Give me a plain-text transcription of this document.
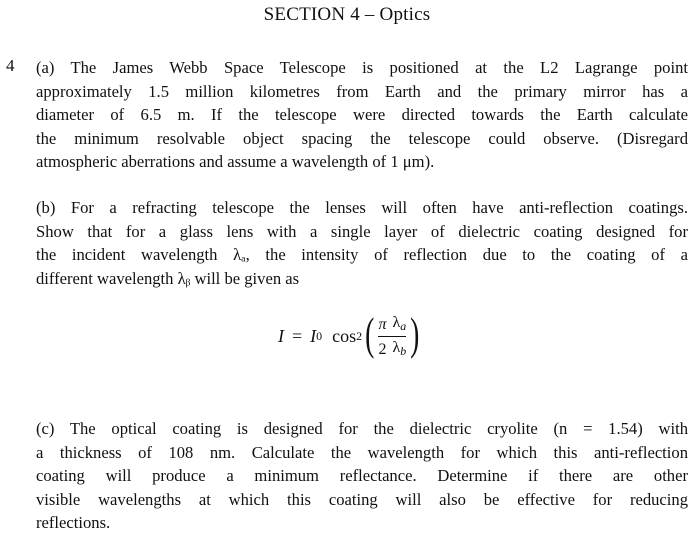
SECTION 4 – Optics
4 (a) The James Webb Space Telescope is positioned at the L2 Lagrange point
approximately 1.5 million kilometres from Earth and the primary mirror has a
diameter of 6.5 m. If the telescope were directed towards the Earth calculate
the minimum resolvable object spacing the telescope could observe. (Disregard
atmospheric aberrations and assume a wavelength of 1 μm).
(b) For a refracting telescope the lenses will often have anti-reflection coatings.
Show that for a glass lens with a single layer of dielectric coating designed for
the incident wavelength λₐ, the intensity of reflection due to the coating of a
different wavelength λᵦ will be given as
I = I 0 cos 2 ( $\frac{\pi \lambda_a}{2 \lambda_b}$ )
(c) The optical coating is designed for the dielectric cryolite (n = 1.54) with
a thickness of 108 nm. Calculate the wavelength for which this anti-reflection
coating will produce a minimum reflectance. Determine if there are other
visible wavelengths at which this coating will also be effective for reducing
reflections.
